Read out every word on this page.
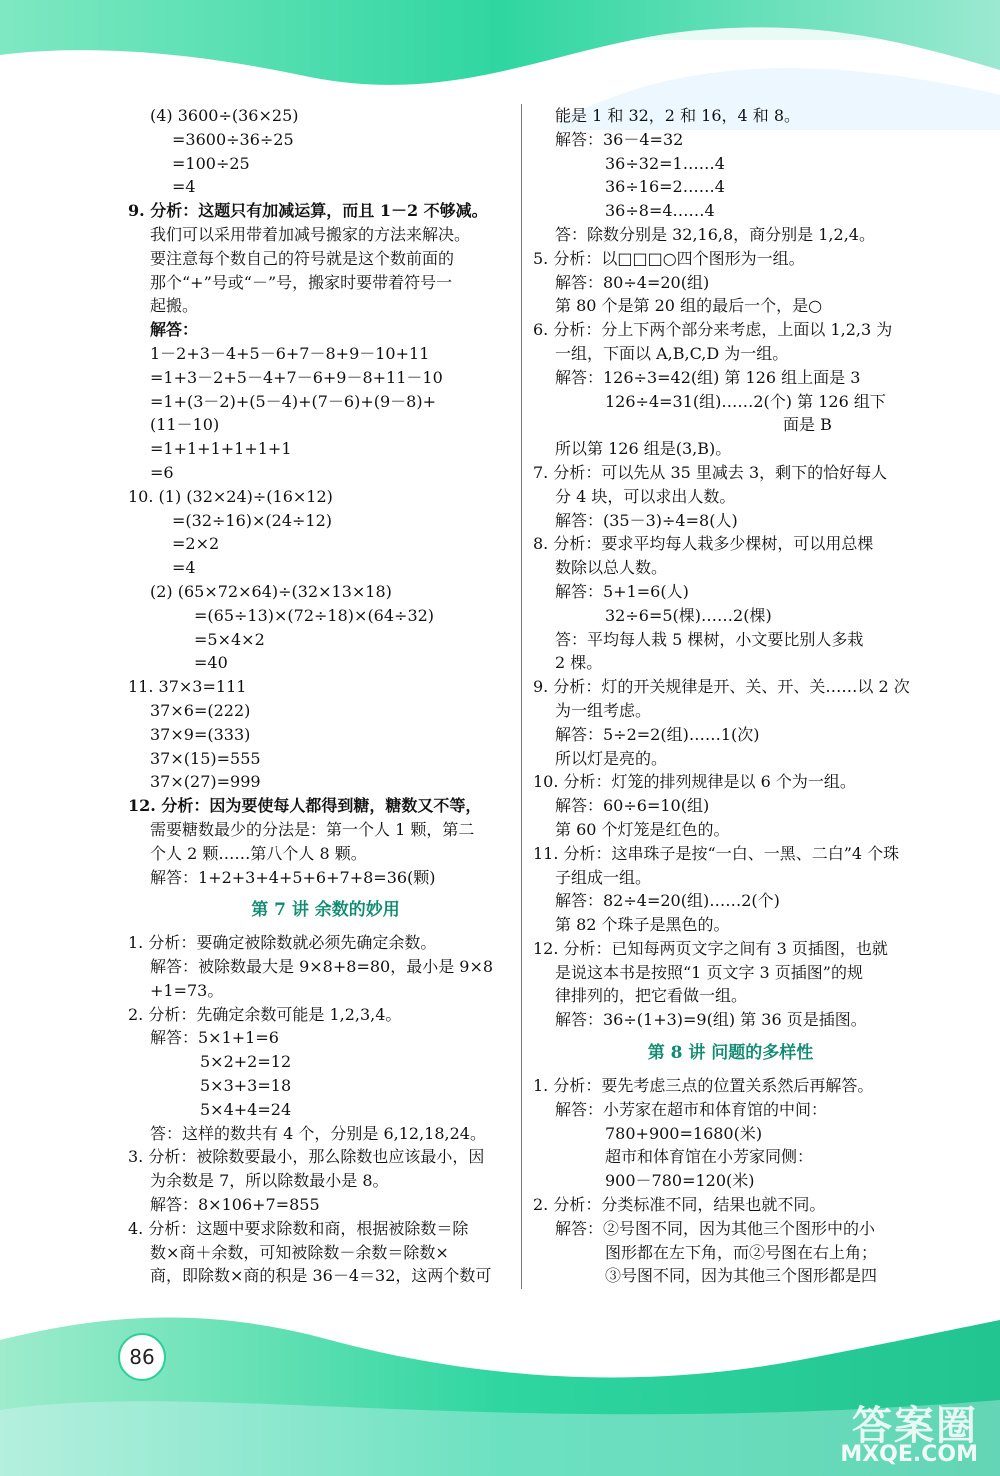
(4) 3600÷(36×25)
=3600÷36÷25
=100÷25
=4
9. 分析：这题只有加减运算，而且 1－2 不够减。
我们可以采用带着加减号搬家的方法来解决。
要注意每个数自己的符号就是这个数前面的
那个“+”号或“－”号，搬家时要带着符号一
起搬。
解答：
1－2+3－4+5－6+7－8+9－10+11
=1+3－2+5－4+7－6+9－8+11－10
=1+(3－2)+(5－4)+(7－6)+(9－8)+
(11－10)
=1+1+1+1+1+1
=6
10. (1) (32×24)÷(16×12)
=(32÷16)×(24÷12)
=2×2
=4
(2) (65×72×64)÷(32×13×18)
=(65÷13)×(72÷18)×(64÷32)
=5×4×2
=40
11. 37×3=111
37×6=(222)
37×9=(333)
37×(15)=555
37×(27)=999
12. 分析：因为要使每人都得到糖，糖数又不等，
需要糖数最少的分法是：第一个人 1 颗，第二
个人 2 颗……第八个人 8 颗。
解答：1+2+3+4+5+6+7+8=36(颗)
第 7 讲 余数的妙用
1. 分析：要确定被除数就必须先确定余数。
解答：被除数最大是 9×8+8=80，最小是 9×8
+1=73。
2. 分析：先确定余数可能是 1,2,3,4。
解答：5×1+1=6
5×2+2=12
5×3+3=18
5×4+4=24
答：这样的数共有 4 个，分别是 6,12,18,24。
3. 分析：被除数要最小，那么除数也应该最小，因
为余数是 7，所以除数最小是 8。
解答：8×106+7=855
4. 分析：这题中要求除数和商，根据被除数＝除
数×商＋余数，可知被除数－余数＝除数×
商，即除数×商的积是 36－4＝32，这两个数可
能是 1 和 32，2 和 16，4 和 8。
解答：36－4=32
36÷32=1……4
36÷16=2……4
36÷8=4……4
答：除数分别是 32,16,8，商分别是 1,2,4。
5. 分析：以□□□○四个图形为一组。
解答：80÷4=20(组)
第 80 个是第 20 组的最后一个，是○
6. 分析：分上下两个部分来考虑，上面以 1,2,3 为
一组，下面以 A,B,C,D 为一组。
解答：126÷3=42(组) 第 126 组上面是 3
126÷4=31(组)……2(个) 第 126 组下
面是 B
所以第 126 组是(3,B)。
7. 分析：可以先从 35 里减去 3，剩下的恰好每人
分 4 块，可以求出人数。
解答：(35－3)÷4=8(人)
8. 分析：要求平均每人栽多少棵树，可以用总棵
数除以总人数。
解答：5+1=6(人)
32÷6=5(棵)……2(棵)
答：平均每人栽 5 棵树，小文要比别人多栽
2 棵。
9. 分析：灯的开关规律是开、关、开、关……以 2 次
为一组考虑。
解答：5÷2=2(组)……1(次)
所以灯是亮的。
10. 分析：灯笼的排列规律是以 6 个为一组。
解答：60÷6=10(组)
第 60 个灯笼是红色的。
11. 分析：这串珠子是按“一白、一黑、二白”4 个珠
子组成一组。
解答：82÷4=20(组)……2(个)
第 82 个珠子是黑色的。
12. 分析：已知每两页文字之间有 3 页插图，也就
是说这本书是按照“1 页文字 3 页插图”的规
律排列的，把它看做一组。
解答：36÷(1+3)=9(组) 第 36 页是插图。
第 8 讲 问题的多样性
1. 分析：要先考虑三点的位置关系然后再解答。
解答：小芳家在超市和体育馆的中间：
780+900=1680(米)
超市和体育馆在小芳家同侧：
900－780=120(米)
2. 分析：分类标准不同，结果也就不同。
解答：②号图不同，因为其他三个图形中的小
图形都在左下角，而②号图在右上角；
③号图不同，因为其他三个图形都是四
86
答案圈
MXQE.COM
